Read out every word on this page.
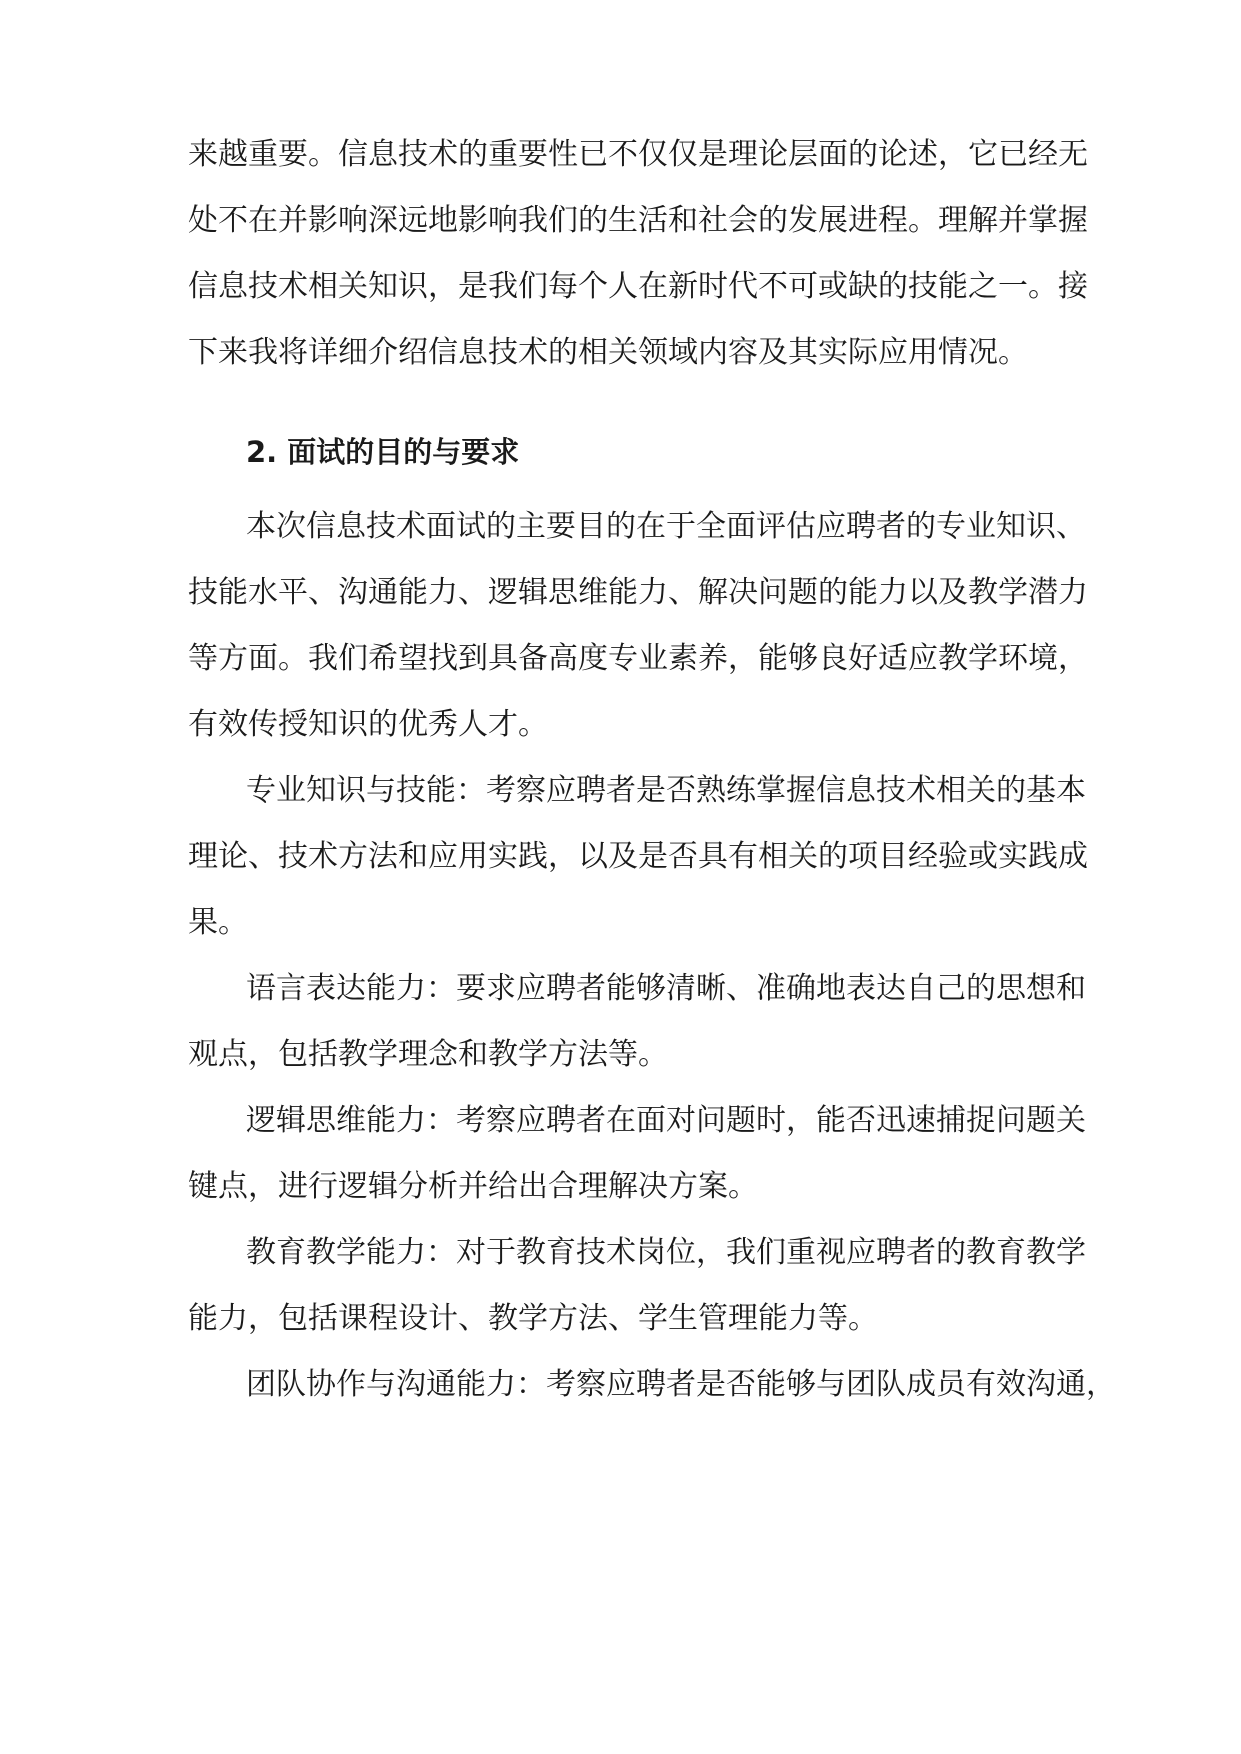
来越重要。信息技术的重要性已不仅仅是理论层面的论述，它已经无
处不在并影响深远地影响我们的生活和社会的发展进程。理解并掌握
信息技术相关知识，是我们每个人在新时代不可或缺的技能之一。接
下来我将详细介绍信息技术的相关领域内容及其实际应用情况。
2. 面试的目的与要求
本次信息技术面试的主要目的在于全面评估应聘者的专业知识、
技能水平、沟通能力、逻辑思维能力、解决问题的能力以及教学潜力
等方面。我们希望找到具备高度专业素养，能够良好适应教学环境，
有效传授知识的优秀人才。
专业知识与技能：考察应聘者是否熟练掌握信息技术相关的基本
理论、技术方法和应用实践，以及是否具有相关的项目经验或实践成
果。
语言表达能力：要求应聘者能够清晰、准确地表达自己的思想和
观点，包括教学理念和教学方法等。
逻辑思维能力：考察应聘者在面对问题时，能否迅速捕捉问题关
键点，进行逻辑分析并给出合理解决方案。
教育教学能力：对于教育技术岗位，我们重视应聘者的教育教学
能力，包括课程设计、教学方法、学生管理能力等。
团队协作与沟通能力：考察应聘者是否能够与团队成员有效沟通，
